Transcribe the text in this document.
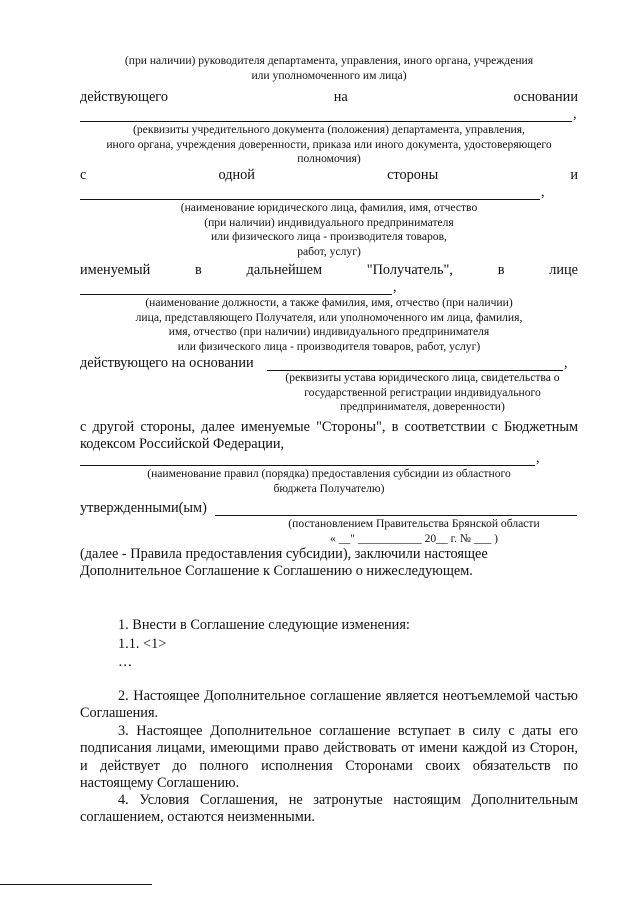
(при наличии) руководителя департамента, управления, иного органа, учреждения
или уполномоченного им лица)
действующего	на	основании
,
(реквизиты учредительного документа (положения) департамента, управления,
иного органа, учреждения доверенности, приказа или иного документа, удостоверяющего
полномочия)
с	одной	стороны	и
,
(наименование юридического лица, фамилия, имя, отчество
(при наличии) индивидуального предпринимателя
или физического лица - производителя товаров,
работ, услуг)
именуемый	в	дальнейшем	"Получатель",	в	лице
,
(наименование должности, а также фамилия, имя, отчество (при наличии)
лица, представляющего Получателя, или уполномоченного им лица, фамилия,
имя, отчество (при наличии) индивидуального предпринимателя
или физического лица - производителя товаров, работ, услуг)
действующего на основании	,
(реквизиты устава юридического лица, свидетельства о
государственной регистрации индивидуального
предпринимателя, доверенности)
с другой стороны, далее именуемые "Стороны", в соответствии с Бюджетным кодексом Российской Федерации,
,
(наименование правил (порядка) предоставления субсидии из областного
бюджета Получателю)
утвержденными(ым)
(постановлением Правительства Брянской области
« __" ___________ 20__ г. № ___ )
(далее - Правила предоставления субсидии), заключили настоящее Дополнительное Соглашение к Соглашению о нижеследующем.
1. Внести в Соглашение следующие изменения:
1.1. <1>
…
2. Настоящее Дополнительное соглашение является неотъемлемой частью Соглашения.
3. Настоящее Дополнительное соглашение вступает в силу с даты его подписания лицами, имеющими право действовать от имени каждой из Сторон, и действует до полного исполнения Сторонами своих обязательств по настоящему Соглашению.
4. Условия Соглашения, не затронутые настоящим Дополнительным соглашением, остаются неизменными.
